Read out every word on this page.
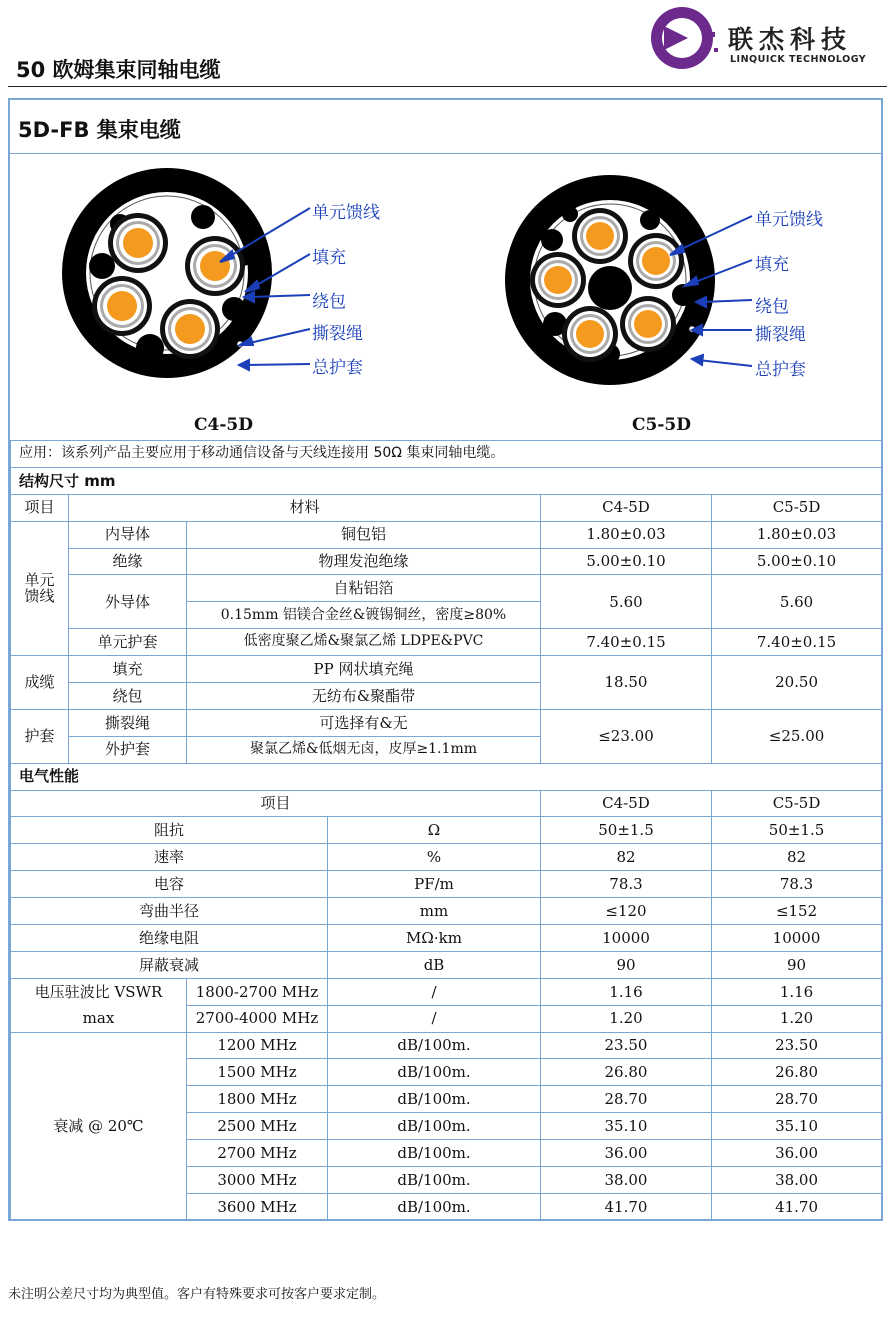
50 欧姆集束同轴电缆
联杰科技
LINQUICK TECHNOLOGY
5D-FB 集束电缆
单元馈线
填充
绕包
撕裂绳
总护套
单元馈线
填充
绕包
撕裂绳
总护套
C4-5D	C5-5D
应用：该系列产品主要应用于移动通信设备与天线连接用 50Ω 集束同轴电缆。					
结构尺寸 mm					
项目	材料			C4-5D	C5-5D
单元馈线	内导体	铜包铝		1.80±0.03	1.80±0.03
	绝缘	物理发泡绝缘		5.00±0.10	5.00±0.10
	外导体	自粘铝箔		5.60	5.60
		0.15mm 铝镁合金丝&镀锡铜丝，密度≥80%			
	单元护套	低密度聚乙烯&聚氯乙烯 LDPE&PVC		7.40±0.15	7.40±0.15
成缆	填充	PP 网状填充绳		18.50	20.50
	绕包	无纺布&聚酯带			
护套	撕裂绳	可选择有&无		≤23.00	≤25.00
	外护套	聚氯乙烯&低烟无卤，皮厚≥1.1mm			
电气性能					
项目				C4-5D	C5-5D
阻抗			Ω	50±1.5	50±1.5
速率			%	82	82
电容			PF/m	78.3	78.3
弯曲半径			mm	≤120	≤152
绝缘电阻			MΩ·km	10000	10000
屏蔽衰减			dB	90	90
电压驻波比 VSWR		1800-2700 MHz	/	1.16	1.16
max		2700-4000 MHz	/	1.20	1.20
衰减 @ 20℃		1200 MHz	dB/100m.	23.50	23.50
		1500 MHz	dB/100m.	26.80	26.80
		1800 MHz	dB/100m.	28.70	28.70
		2500 MHz	dB/100m.	35.10	35.10
		2700 MHz	dB/100m.	36.00	36.00
		3000 MHz	dB/100m.	38.00	38.00
		3600 MHz	dB/100m.	41.70	41.70
未注明公差尺寸均为典型值。客户有特殊要求可按客户要求定制。
